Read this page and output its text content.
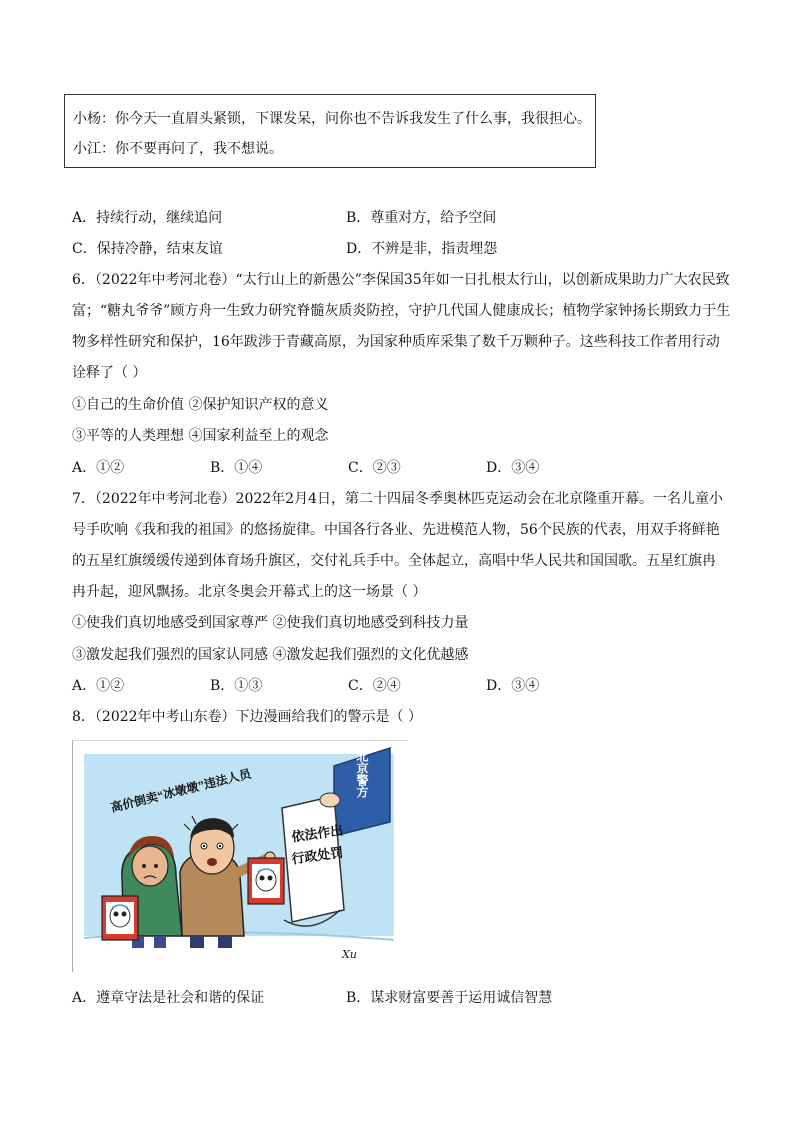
小杨：你今天一直眉头紧锁，下课发呆，问你也不告诉我发生了什么事，我很担心。
小江：你不要再问了，我不想说。
A．持续行动，继续追问	B．尊重对方，给予空间
C．保持冷静，结束友谊	D．不辨是非，指责埋怨
6．（2022年中考河北卷）“太行山上的新愚公”李保国35年如一日扎根太行山，以创新成果助力广大农民致
富；“糖丸爷爷”顾方舟一生致力研究脊髓灰质炎防控，守护几代国人健康成长；植物学家钟扬长期致力于生
物多样性研究和保护，16年跋涉于青藏高原，为国家种质库采集了数千万颗种子。这些科技工作者用行动
诠释了（ ）
①自己的生命价值 ②保护知识产权的意义
③平等的人类理想 ④国家利益至上的观念
A．①②	B．①④	C．②③	D．③④
7．（2022年中考河北卷）2022年2月4日，第二十四届冬季奥林匹克运动会在北京隆重开幕。一名儿童小
号手吹响《我和我的祖国》的悠扬旋律。中国各行各业、先进模范人物，56个民族的代表，用双手将鲜艳
的五星红旗缓缓传递到体育场升旗区，交付礼兵手中。全体起立，高唱中华人民共和国国歌。五星红旗冉
冉升起，迎风飘扬。北京冬奥会开幕式上的这一场景（ ）
①使我们真切地感受到国家尊严 ②使我们真切地感受到科技力量
③激发起我们强烈的国家认同感 ④激发起我们强烈的文化优越感
A．①②	B．①③	C．②④	D．③④
8．（2022年中考山东卷）下边漫画给我们的警示是（ ）
高价倒卖“冰墩墩”违法人员	北京警方
依法作出
行政处罚
Xu
A．遵章守法是社会和谐的保证	B．谋求财富要善于运用诚信智慧
